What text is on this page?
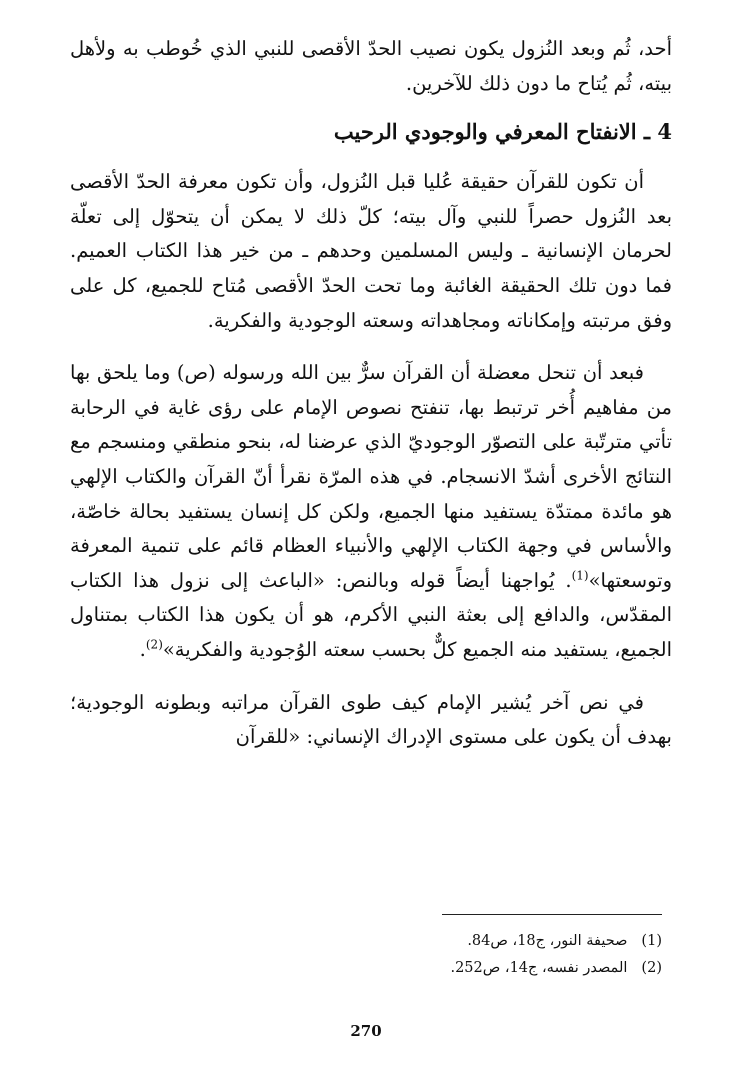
أحد، ثُم وبعد النُزول يكون نصيب الحدّ الأقصى للنبي الذي خُوطب به ولأهل بيته، ثُم يُتاح ما دون ذلك للآخرين.

4 ـ الانفتاح المعرفي والوجودي الرحيب

أن تكون للقرآن حقيقة عُليا قبل النُزول، وأن تكون معرفة الحدّ الأقصى بعد النُزول حصراً للنبي وآل بيته؛ كلّ ذلك لا يمكن أن يتحوّل إلى تعلّة لحرمان الإنسانية ـ وليس المسلمين وحدهم ـ من خير هذا الكتاب العميم. فما دون تلك الحقيقة الغائبة وما تحت الحدّ الأقصى مُتاح للجميع، كل على وفق مرتبته وإمكاناته ومجاهداته وسعته الوجودية والفكرية.

فبعد أن تنحل معضلة أن القرآن سرٌّ بين الله ورسوله (ص) وما يلحق بها من مفاهيم أُخر ترتبط بها، تنفتح نصوص الإمام على رؤى غاية في الرحابة تأتي مترتّبة على التصوّر الوجوديّ الذي عرضنا له، بنحو منطقي ومنسجم مع النتائج الأخرى أشدّ الانسجام. في هذه المرّة نقرأ أنّ القرآن والكتاب الإلهي هو مائدة ممتدّة يستفيد منها الجميع، ولكن كل إنسان يستفيد بحالة خاصّة، والأساس في وجهة الكتاب الإلهي والأنبياء العظام قائم على تنمية المعرفة وتوسعتها»$^{(1)}$. يُواجهنا أيضاً قوله وبالنص: «الباعث إلى نزول هذا الكتاب المقدّس، والدافع إلى بعثة النبي الأكرم، هو أن يكون هذا الكتاب بمتناول الجميع، يستفيد منه الجميع كلٌّ بحسب سعته الوُجودية والفكرية»$^{(2)}$.

في نص آخر يُشير الإمام كيف طوى القرآن مراتبه وبطونه الوجودية؛ بهدف أن يكون على مستوى الإدراك الإنساني: «للقرآن

(1) صحيفة النور، ج18، ص84.
(2) المصدر نفسه، ج14، ص252.
270
